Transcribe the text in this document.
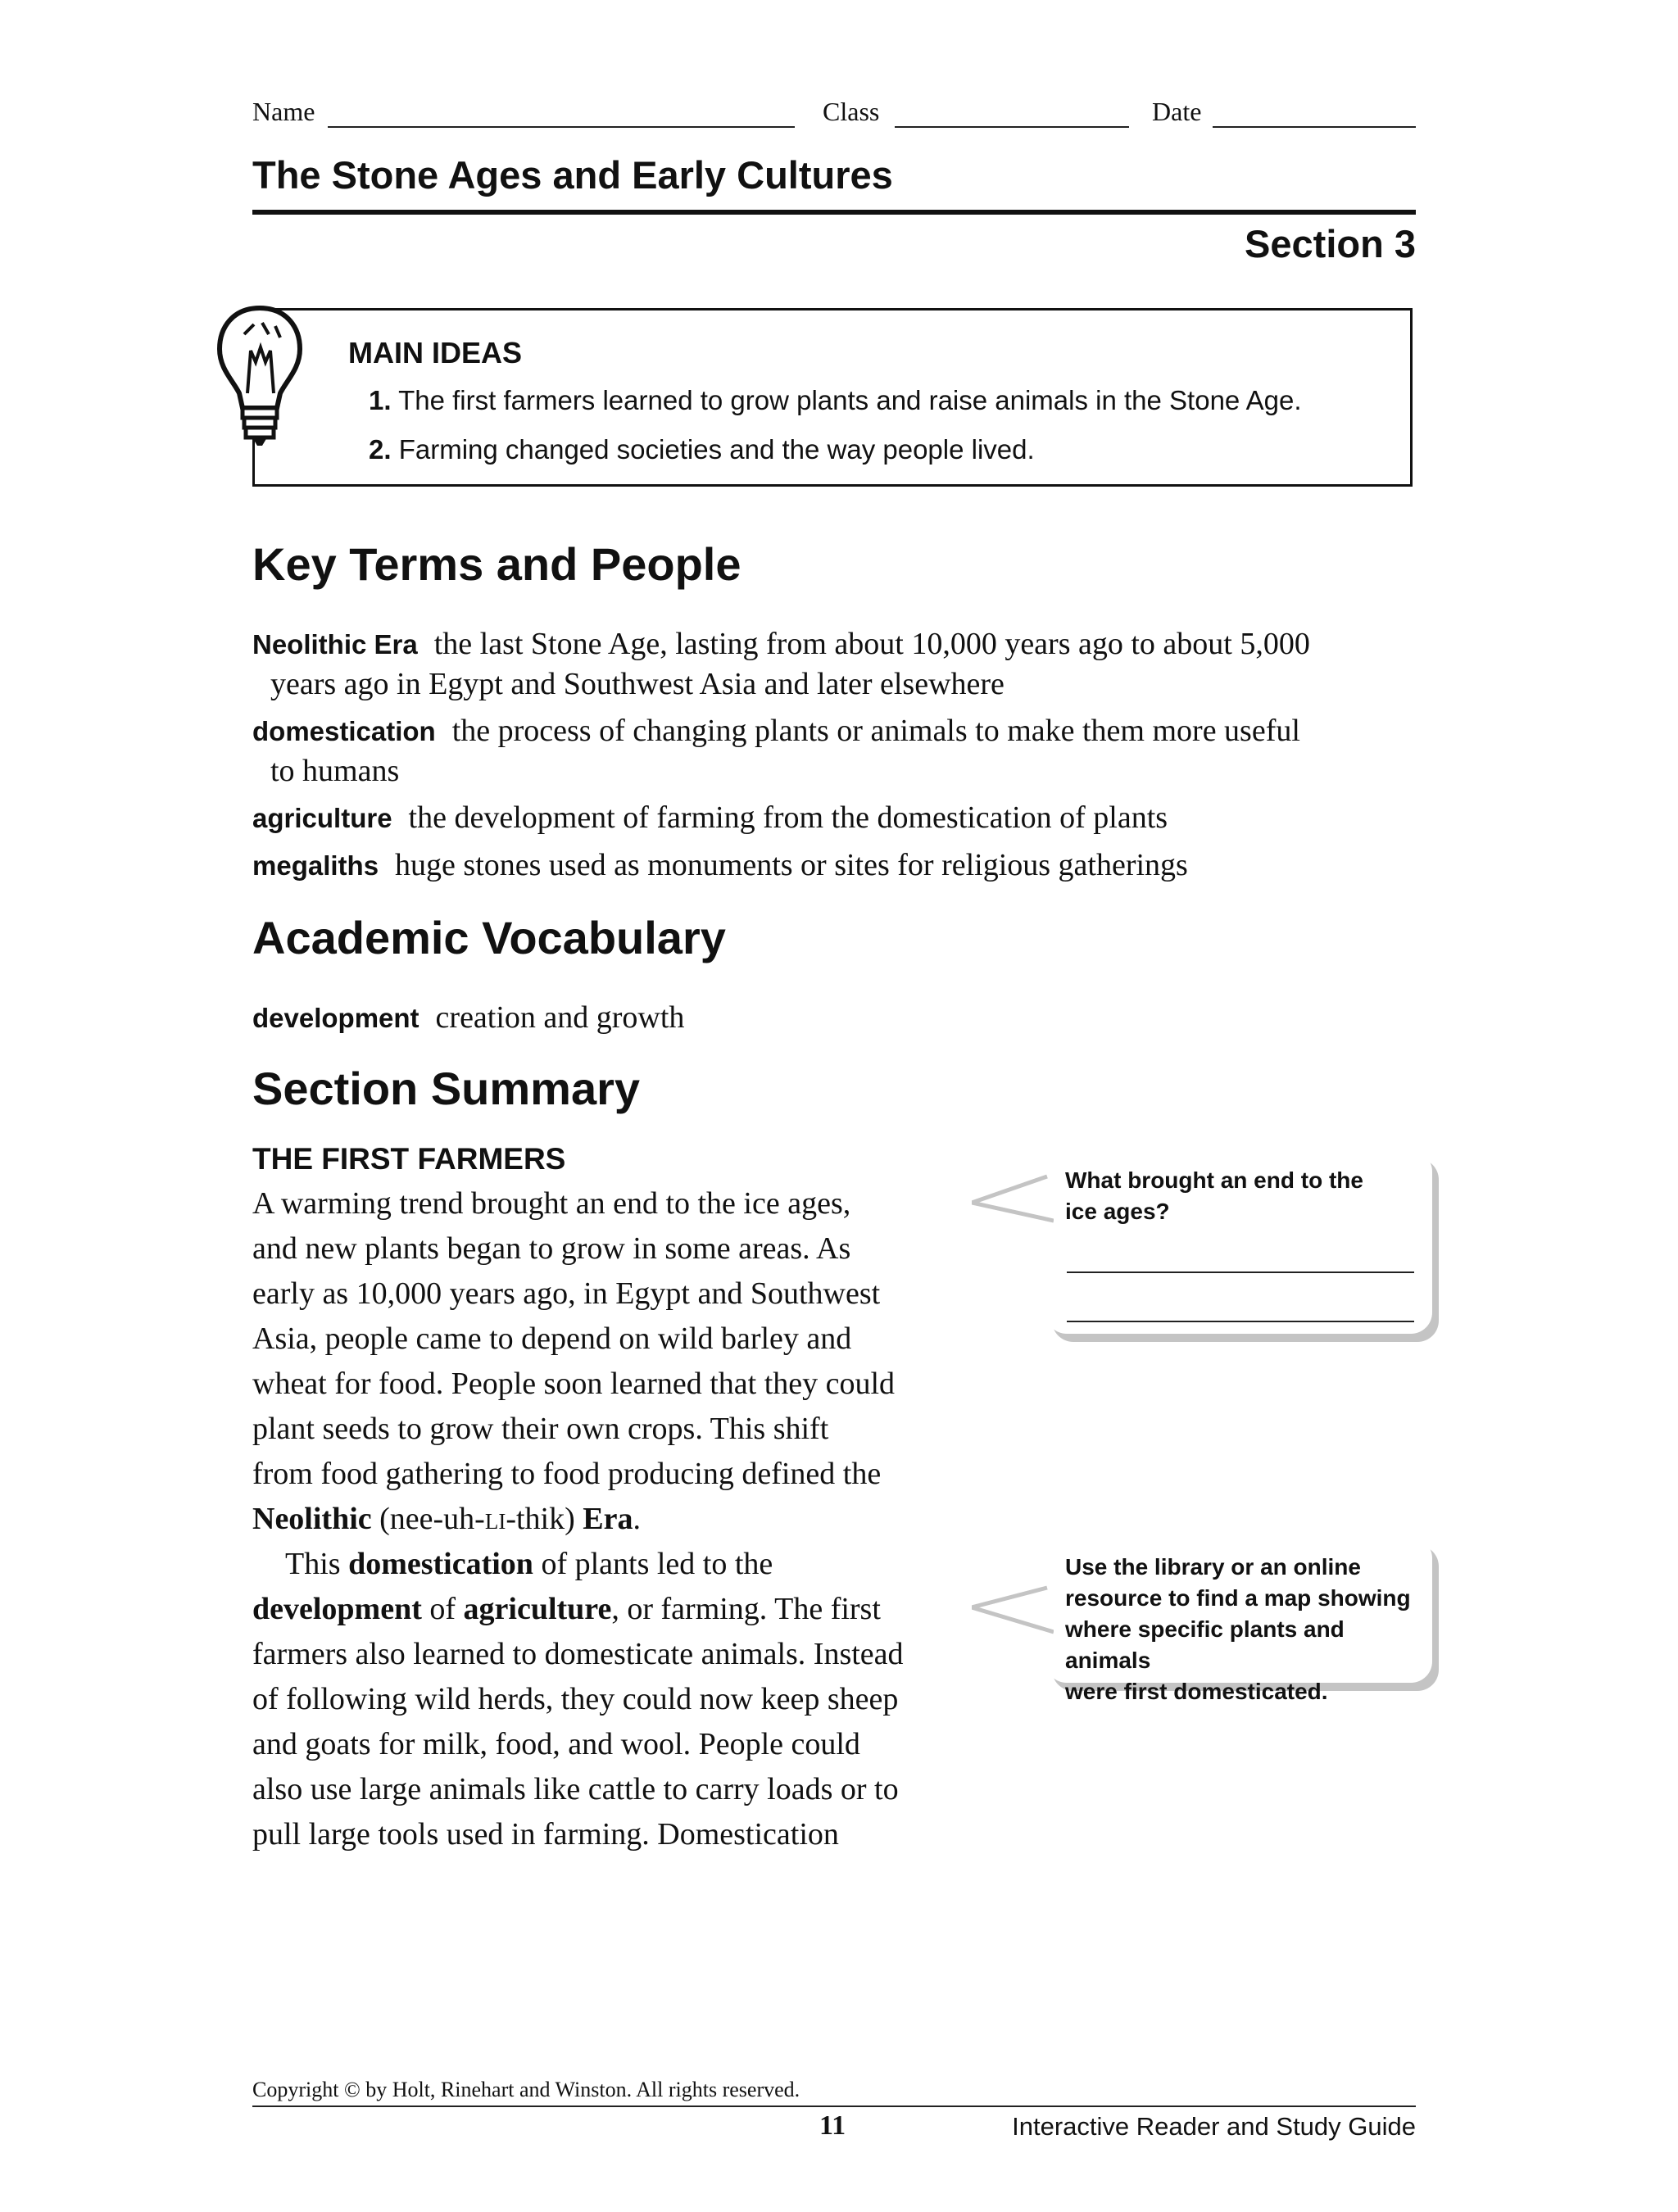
Name	Class	Date
The Stone Ages and Early Cultures
Section 3
MAIN IDEAS
1. The first farmers learned to grow plants and raise animals in the Stone Age.
2. Farming changed societies and the way people lived.
Key Terms and People
Neolithic Era the last Stone Age, lasting from about 10,000 years ago to about 5,000
years ago in Egypt and Southwest Asia and later elsewhere
domestication the process of changing plants or animals to make them more useful
to humans
agriculture the development of farming from the domestication of plants
megaliths huge stones used as monuments or sites for religious gatherings
Academic Vocabulary
development creation and growth
Section Summary
THE FIRST FARMERS
A warming trend brought an end to the ice ages,
and new plants began to grow in some areas. As
early as 10,000 years ago, in Egypt and Southwest
Asia, people came to depend on wild barley and
wheat for food. People soon learned that they could
plant seeds to grow their own crops. This shift
from food gathering to food producing defined the
Neolithic (nee-uh-li-thik) Era.
This domestication of plants led to the
development of agriculture, or farming. The first
farmers also learned to domesticate animals. Instead
of following wild herds, they could now keep sheep
and goats for milk, food, and wool. People could
also use large animals like cattle to carry loads or to
pull large tools used in farming. Domestication
What brought an end to the
ice ages?
Use the library or an online
resource to find a map showing
where specific plants and animals
were first domesticated.
Copyright © by Holt, Rinehart and Winston. All rights reserved.
11	Interactive Reader and Study Guide
